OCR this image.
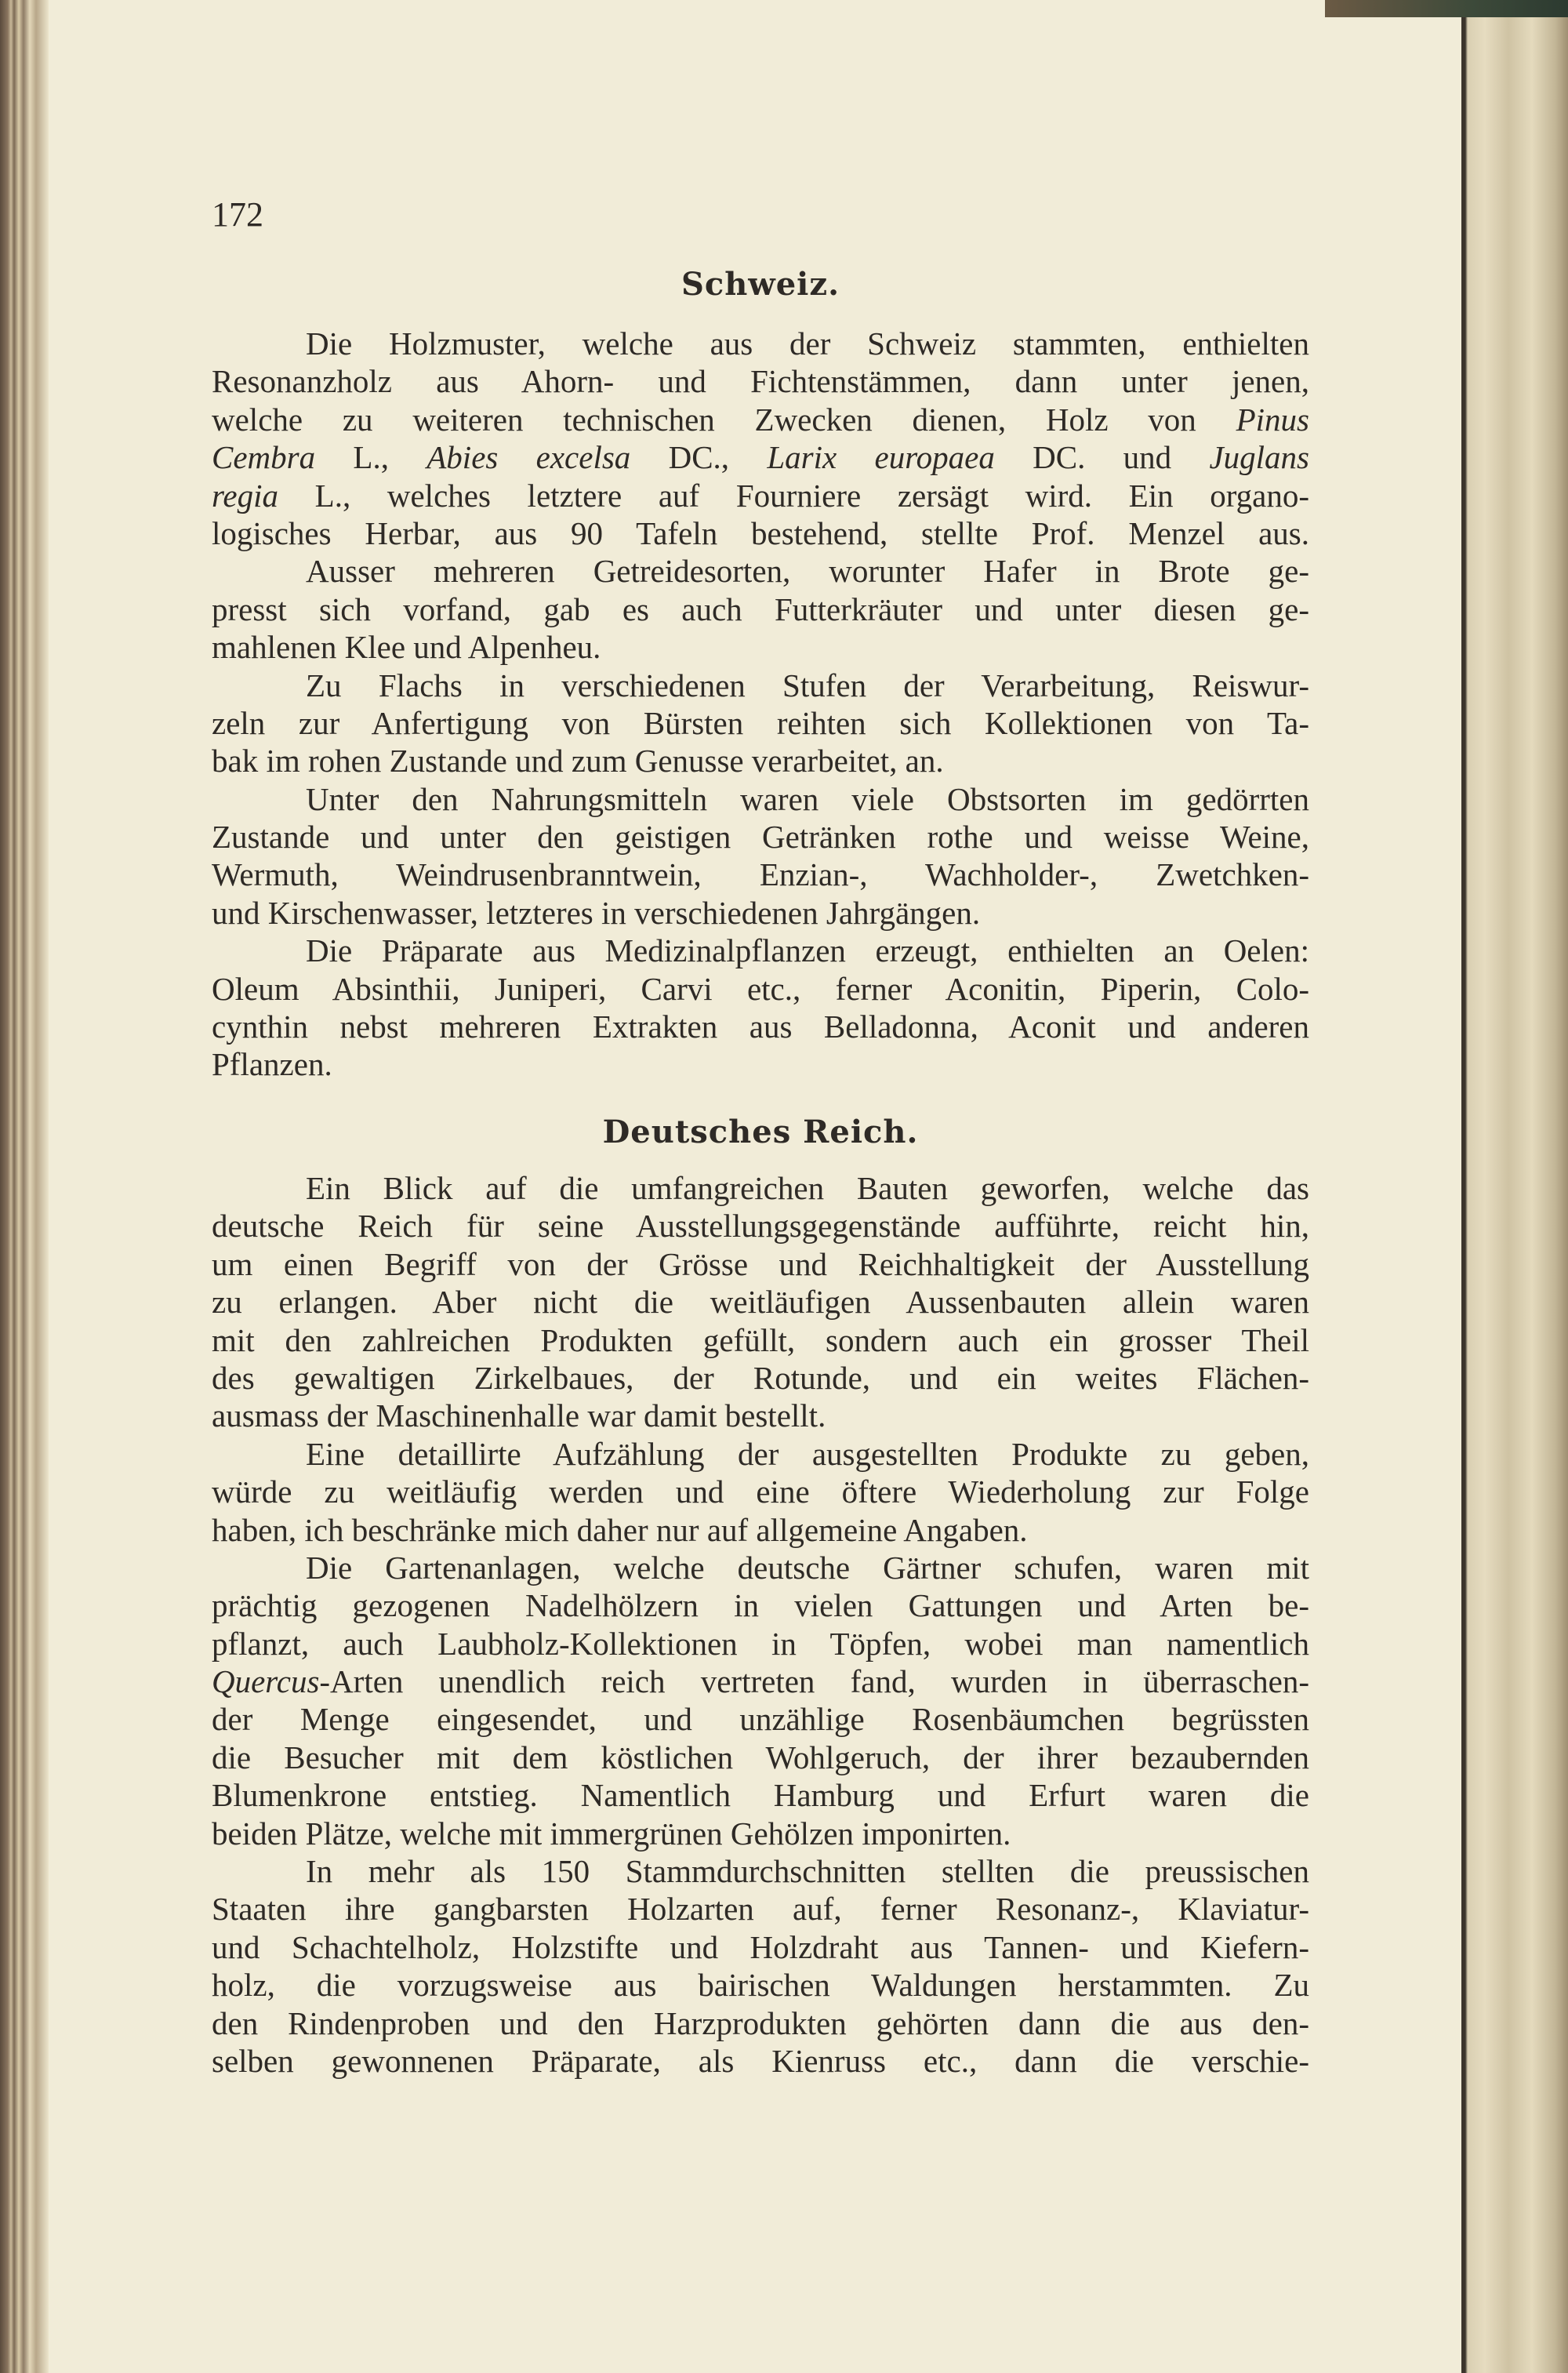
172
Schweiz.
Die Holzmuster, welche aus der Schweiz stammten, enthielten
Resonanzholz aus Ahorn- und Fichtenstämmen, dann unter jenen,
welche zu weiteren technischen Zwecken dienen, Holz von Pinus
Cembra L., Abies excelsa DC., Larix europaea DC. und Juglans
regia L., welches letztere auf Fourniere zersägt wird. Ein organo-
logisches Herbar, aus 90 Tafeln bestehend, stellte Prof. Menzel aus.
Ausser mehreren Getreidesorten, worunter Hafer in Brote ge-
presst sich vorfand, gab es auch Futterkräuter und unter diesen ge-
mahlenen Klee und Alpenheu.
Zu Flachs in verschiedenen Stufen der Verarbeitung, Reiswur-
zeln zur Anfertigung von Bürsten reihten sich Kollektionen von Ta-
bak im rohen Zustande und zum Genusse verarbeitet, an.
Unter den Nahrungsmitteln waren viele Obstsorten im gedörrten
Zustande und unter den geistigen Getränken rothe und weisse Weine,
Wermuth, Weindrusenbranntwein, Enzian-, Wachholder-, Zwetchken-
und Kirschenwasser, letzteres in verschiedenen Jahrgängen.
Die Präparate aus Medizinalpflanzen erzeugt, enthielten an Oelen:
Oleum Absinthii, Juniperi, Carvi etc., ferner Aconitin, Piperin, Colo-
cynthin nebst mehreren Extrakten aus Belladonna, Aconit und anderen
Pflanzen.
Deutsches Reich.
Ein Blick auf die umfangreichen Bauten geworfen, welche das
deutsche Reich für seine Ausstellungsgegenstände aufführte, reicht hin,
um einen Begriff von der Grösse und Reichhaltigkeit der Ausstellung
zu erlangen. Aber nicht die weitläufigen Aussenbauten allein waren
mit den zahlreichen Produkten gefüllt, sondern auch ein grosser Theil
des gewaltigen Zirkelbaues, der Rotunde, und ein weites Flächen-
ausmass der Maschinenhalle war damit bestellt.
Eine detaillirte Aufzählung der ausgestellten Produkte zu geben,
würde zu weitläufig werden und eine öftere Wiederholung zur Folge
haben, ich beschränke mich daher nur auf allgemeine Angaben.
Die Gartenanlagen, welche deutsche Gärtner schufen, waren mit
prächtig gezogenen Nadelhölzern in vielen Gattungen und Arten be-
pflanzt, auch Laubholz-Kollektionen in Töpfen, wobei man namentlich
Quercus-Arten unendlich reich vertreten fand, wurden in überraschen-
der Menge eingesendet, und unzählige Rosenbäumchen begrüssten
die Besucher mit dem köstlichen Wohlgeruch, der ihrer bezaubernden
Blumenkrone entstieg. Namentlich Hamburg und Erfurt waren die
beiden Plätze, welche mit immergrünen Gehölzen imponirten.
In mehr als 150 Stammdurchschnitten stellten die preussischen
Staaten ihre gangbarsten Holzarten auf, ferner Resonanz-, Klaviatur-
und Schachtelholz, Holzstifte und Holzdraht aus Tannen- und Kiefern-
holz, die vorzugsweise aus bairischen Waldungen herstammten. Zu
den Rindenproben und den Harzprodukten gehörten dann die aus den-
selben gewonnenen Präparate, als Kienruss etc., dann die verschie-
